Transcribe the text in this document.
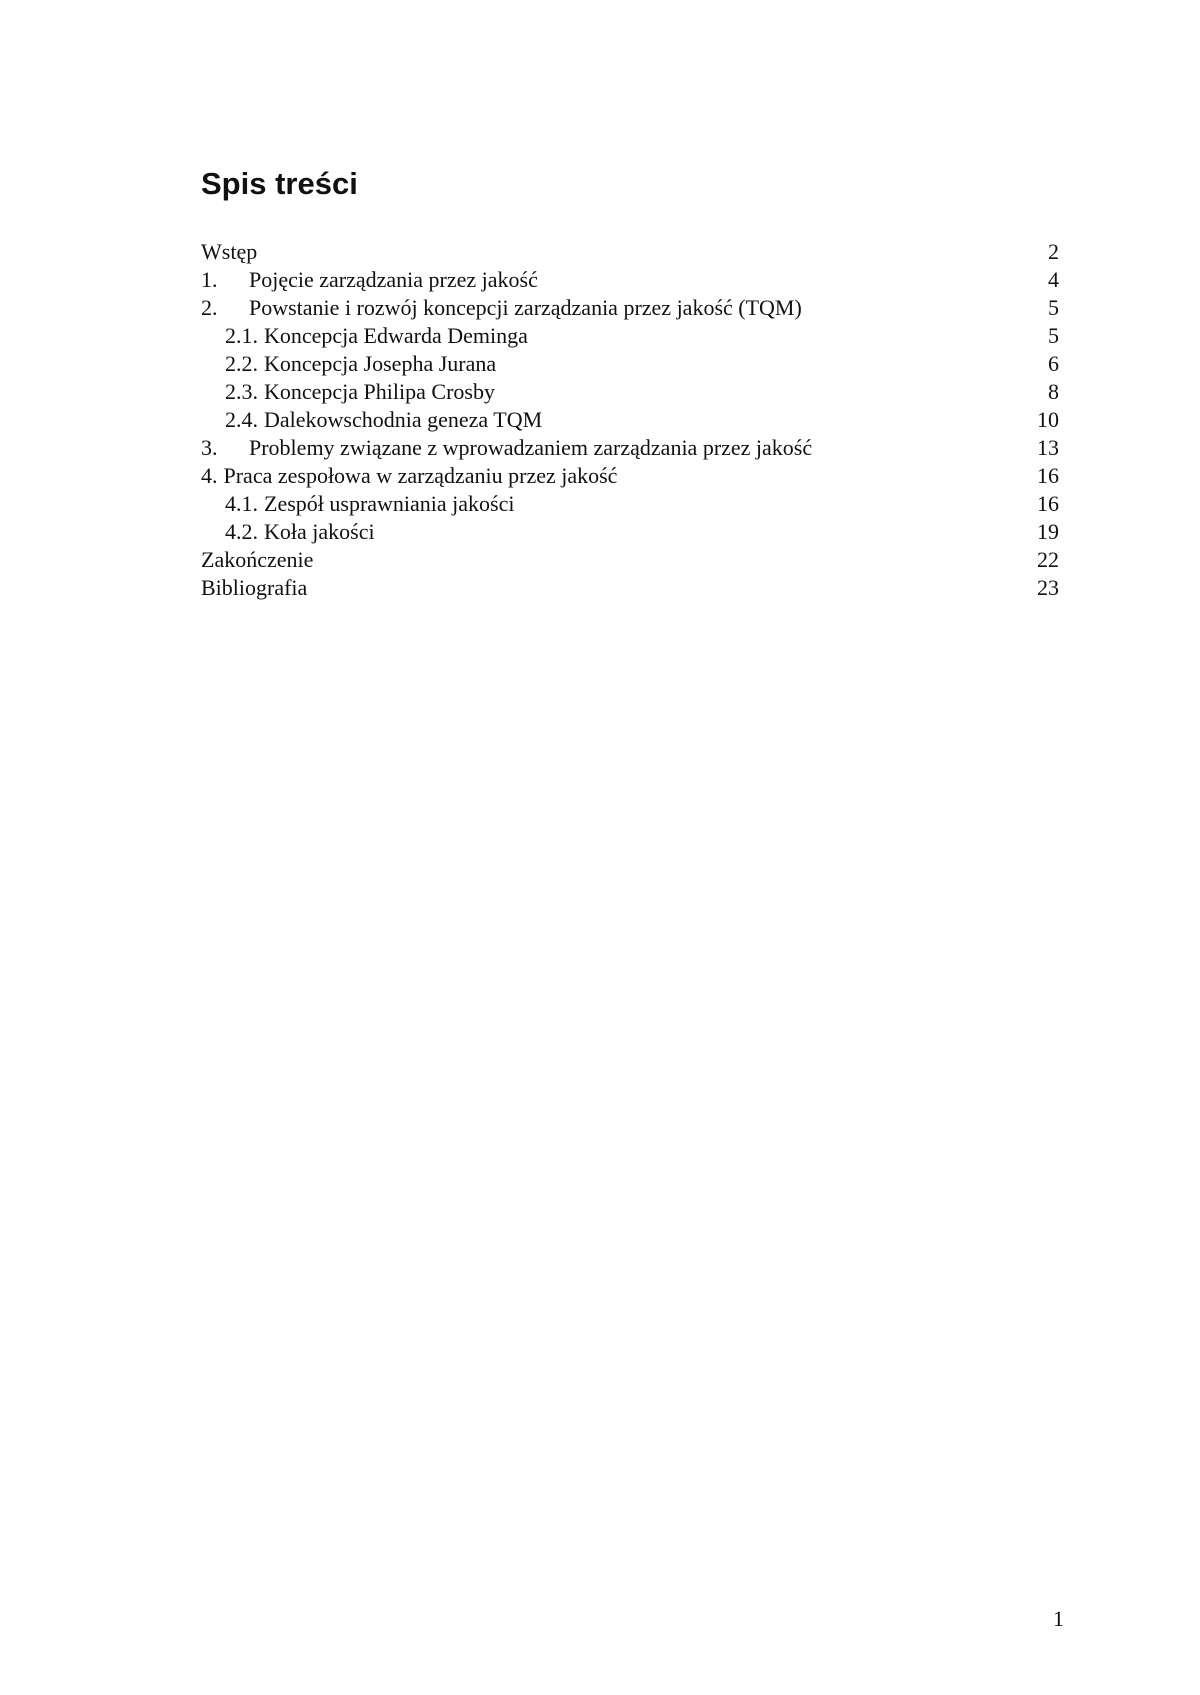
Spis treści
Wstęp	2
1.	Pojęcie zarządzania przez jakość	4
2.	Powstanie i rozwój koncepcji zarządzania przez jakość (TQM)	5
2.1. Koncepcja Edwarda Deminga	5
2.2. Koncepcja Josepha Jurana	6
2.3. Koncepcja Philipa Crosby	8
2.4. Dalekowschodnia geneza TQM	10
3.	Problemy związane z wprowadzaniem zarządzania przez jakość	13
4. Praca zespołowa w zarządzaniu przez jakość	16
4.1. Zespół usprawniania jakości	16
4.2. Koła jakości	19
Zakończenie	22
Bibliografia	23
1
